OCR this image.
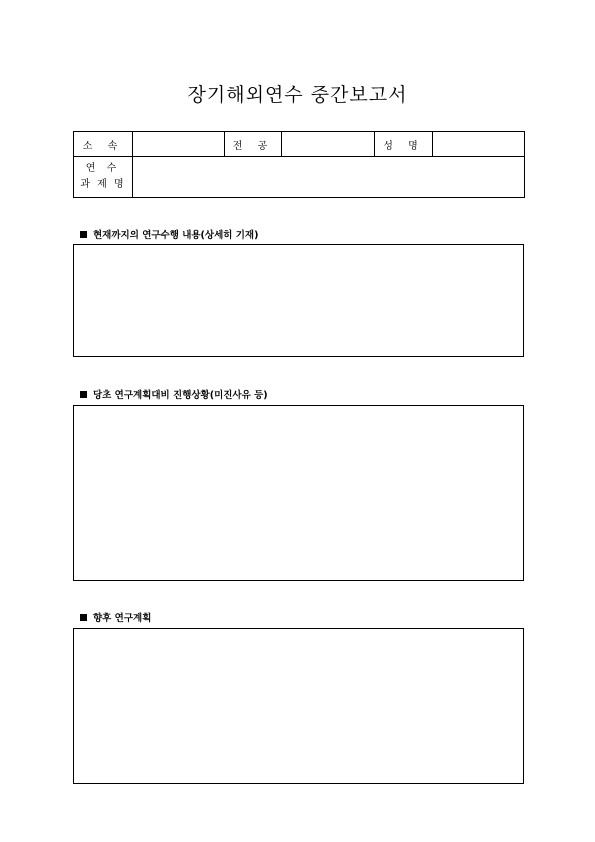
장기해외연수 중간보고서
소 속		전 공		성 명	

연 수
과 제 명					

현재까지의 연구수행 내용(상세히 기재)
당초 연구계획대비 진행상황(미진사유 등)
향후 연구계획
